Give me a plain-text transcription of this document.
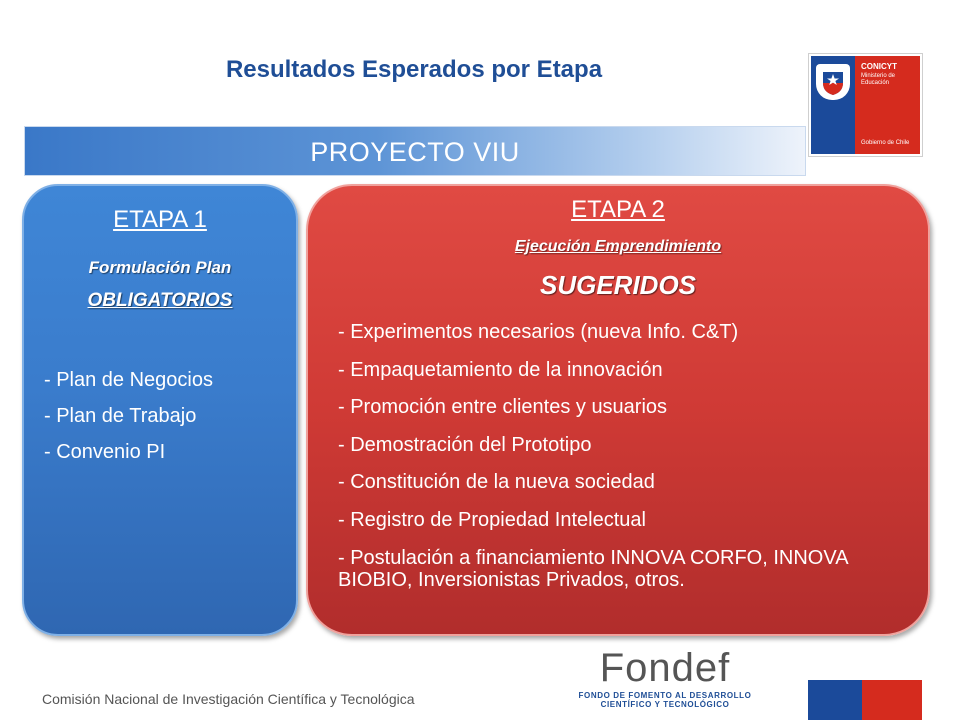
Resultados Esperados por Etapa
PROYECTO VIU
CONICYT
Ministerio de Educación
Gobierno de Chile
ETAPA 1
Formulación Plan
OBLIGATORIOS
- Plan de Negocios
- Plan de Trabajo
- Convenio PI
ETAPA 2
Ejecución Emprendimiento
SUGERIDOS
- Experimentos necesarios (nueva Info. C&T)
- Empaquetamiento de la innovación
- Promoción entre clientes y usuarios
- Demostración del Prototipo
- Constitución de la nueva sociedad
- Registro de Propiedad Intelectual
- Postulación a financiamiento INNOVA CORFO, INNOVA BIOBIO, Inversionistas Privados, otros.
Comisión Nacional de Investigación Científica y Tecnológica
Fondef
FONDO DE FOMENTO AL DESARROLLO
CIENTÍFICO Y TECNOLÓGICO
